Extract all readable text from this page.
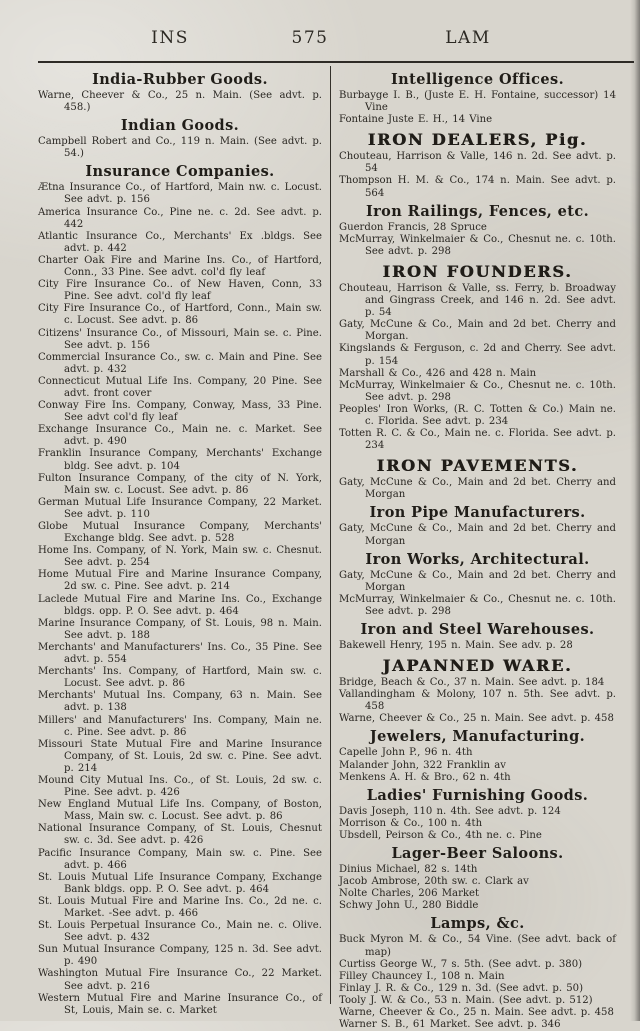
INS	575	LAM
India-Rubber Goods.

Warne, Cheever & Co., 25 n. Main. (See advt. p. 458.)

Indian Goods.

Campbell Robert and Co., 119 n. Main. (See advt. p. 54.)

Insurance Companies.

Ætna Insurance Co., of Hartford, Main nw. c. Locust. See advt. p. 156

America Insurance Co., Pine ne. c. 2d. See advt. p. 442

Atlantic Insurance Co., Merchants' Ex .bldgs. See advt. p. 442

Charter Oak Fire and Marine Ins. Co., of Hartford, Conn., 33 Pine. See advt. col'd fly leaf

City Fire Insurance Co.. of New Haven, Conn, 33 Pine. See advt. col'd fly leaf

City Fire Insurance Co., of Hartford, Conn., Main sw. c. Locust. See advt. p. 86

Citizens' Insurance Co., of Missouri, Main se. c. Pine. See advt. p. 156

Commercial Insurance Co., sw. c. Main and Pine. See advt. p. 432

Connecticut Mutual Life Ins. Company, 20 Pine. See advt. front cover

Conway Fire Ins. Company, Conway, Mass, 33 Pine. See advt col'd fly leaf

Exchange Insurance Co., Main ne. c. Market. See advt. p. 490

Franklin Insurance Company, Merchants' Exchange bldg. See advt. p. 104

Fulton Insurance Company, of the city of N. York, Main sw. c. Locust. See advt. p. 86

German Mutual Life Insurance Company, 22 Market. See advt. p. 110

Globe Mutual Insurance Company, Merchants' Exchange bldg. See advt. p. 528

Home Ins. Company, of N. York, Main sw. c. Chesnut. See advt. p. 254

Home Mutual Fire and Marine Insurance Company, 2d sw. c. Pine. See advt. p. 214

Laclede Mutual Fire and Marine Ins. Co., Exchange bldgs. opp. P. O. See advt. p. 464

Marine Insurance Company, of St. Louis, 98 n. Main. See advt. p. 188

Merchants' and Manufacturers' Ins. Co., 35 Pine. See advt. p. 554

Merchants' Ins. Company, of Hartford, Main sw. c. Locust. See advt. p. 86

Merchants' Mutual Ins. Company, 63 n. Main. See advt. p. 138

Millers' and Manufacturers' Ins. Company, Main ne. c. Pine. See advt. p. 86

Missouri State Mutual Fire and Marine Insurance Company, of St. Louis, 2d sw. c. Pine. See advt. p. 214

Mound City Mutual Ins. Co., of St. Louis, 2d sw. c. Pine. See advt. p. 426

New England Mutual Life Ins. Company, of Boston, Mass, Main sw. c. Locust. See advt. p. 86

National Insurance Company, of St. Louis, Chesnut sw. c. 3d. See advt. p. 426

Pacific Insurance Company, Main sw. c. Pine. See advt. p. 466

St. Louis Mutual Life Insurance Company, Exchange Bank bldgs. opp. P. O. See advt. p. 464

St. Louis Mutual Fire and Marine Ins. Co., 2d ne. c. Market. -See advt. p. 466

St. Louis Perpetual Insurance Co., Main ne. c. Olive. See advt. p. 432

Sun Mutual Insurance Company, 125 n. 3d. See advt. p. 490

Washington Mutual Fire Insurance Co., 22 Market. See advt. p. 216

Western Mutual Fire and Marine Insurance Co., of St, Louis, Main se. c. Market

Intelligence Offices.

Burbayge I. B., (Juste E. H. Fontaine, successor) 14 Vine

Fontaine Juste E. H., 14 Vine

IRON DEALERS, Pig.

Chouteau, Harrison & Valle, 146 n. 2d. See advt. p. 54

Thompson H. M. & Co., 174 n. Main. See advt. p. 564

Iron Railings, Fences, etc.

Guerdon Francis, 28 Spruce

McMurray, Winkelmaier & Co., Chesnut ne. c. 10th. See advt. p. 298

IRON FOUNDERS.

Chouteau, Harrison & Valle, ss. Ferry, b. Broadway and Gingrass Creek, and 146 n. 2d. See advt. p. 54

Gaty, McCune & Co., Main and 2d bet. Cherry and Morgan.

Kingslands & Ferguson, c. 2d and Cherry. See advt. p. 154

Marshall & Co., 426 and 428 n. Main

McMurray, Winkelmaier & Co., Chesnut ne. c. 10th. See advt. p. 298

Peoples' Iron Works, (R. C. Totten & Co.) Main ne. c. Florida. See advt. p. 234

Totten R. C. & Co., Main ne. c. Florida. See advt. p. 234

IRON PAVEMENTS.

Gaty, McCune & Co., Main and 2d bet. Cherry and Morgan

Iron Pipe Manufacturers.

Gaty, McCune & Co., Main and 2d bet. Cherry and Morgan

Iron Works, Architectural.

Gaty, McCune & Co., Main and 2d bet. Cherry and Morgan

McMurray, Winkelmaier & Co., Chesnut ne. c. 10th. See advt. p. 298

Iron and Steel Warehouses.

Bakewell Henry, 195 n. Main. See adv. p. 28

JAPANNED WARE.

Bridge, Beach & Co., 37 n. Main. See advt. p. 184

Vallandingham & Molony, 107 n. 5th. See advt. p. 458

Warne, Cheever & Co., 25 n. Main. See advt. p. 458

Jewelers, Manufacturing.

Capelle John P., 96 n. 4th

Malander John, 322 Franklin av

Menkens A. H. & Bro., 62 n. 4th

Ladies' Furnishing Goods.

Davis Joseph, 110 n. 4th. See advt. p. 124

Morrison & Co., 100 n. 4th

Ubsdell, Peirson & Co., 4th ne. c. Pine

Lager-Beer Saloons.

Dinius Michael, 82 s. 14th

Jacob Ambrose, 20th sw. c. Clark av

Nolte Charles, 206 Market

Schwy John U., 280 Biddle

Lamps, &c.

Buck Myron M. & Co., 54 Vine. (See advt. back of map)

Curtiss George W., 7 s. 5th. (See advt. p. 380)

Filley Chauncey I., 108 n. Main

Finlay J. R. & Co., 129 n. 3d. (See advt. p. 50)

Tooly J. W. & Co., 53 n. Main. (See advt. p. 512)

Warne, Cheever & Co., 25 n. Main. See advt. p. 458

Warner S. B., 61 Market. See advt. p. 346
